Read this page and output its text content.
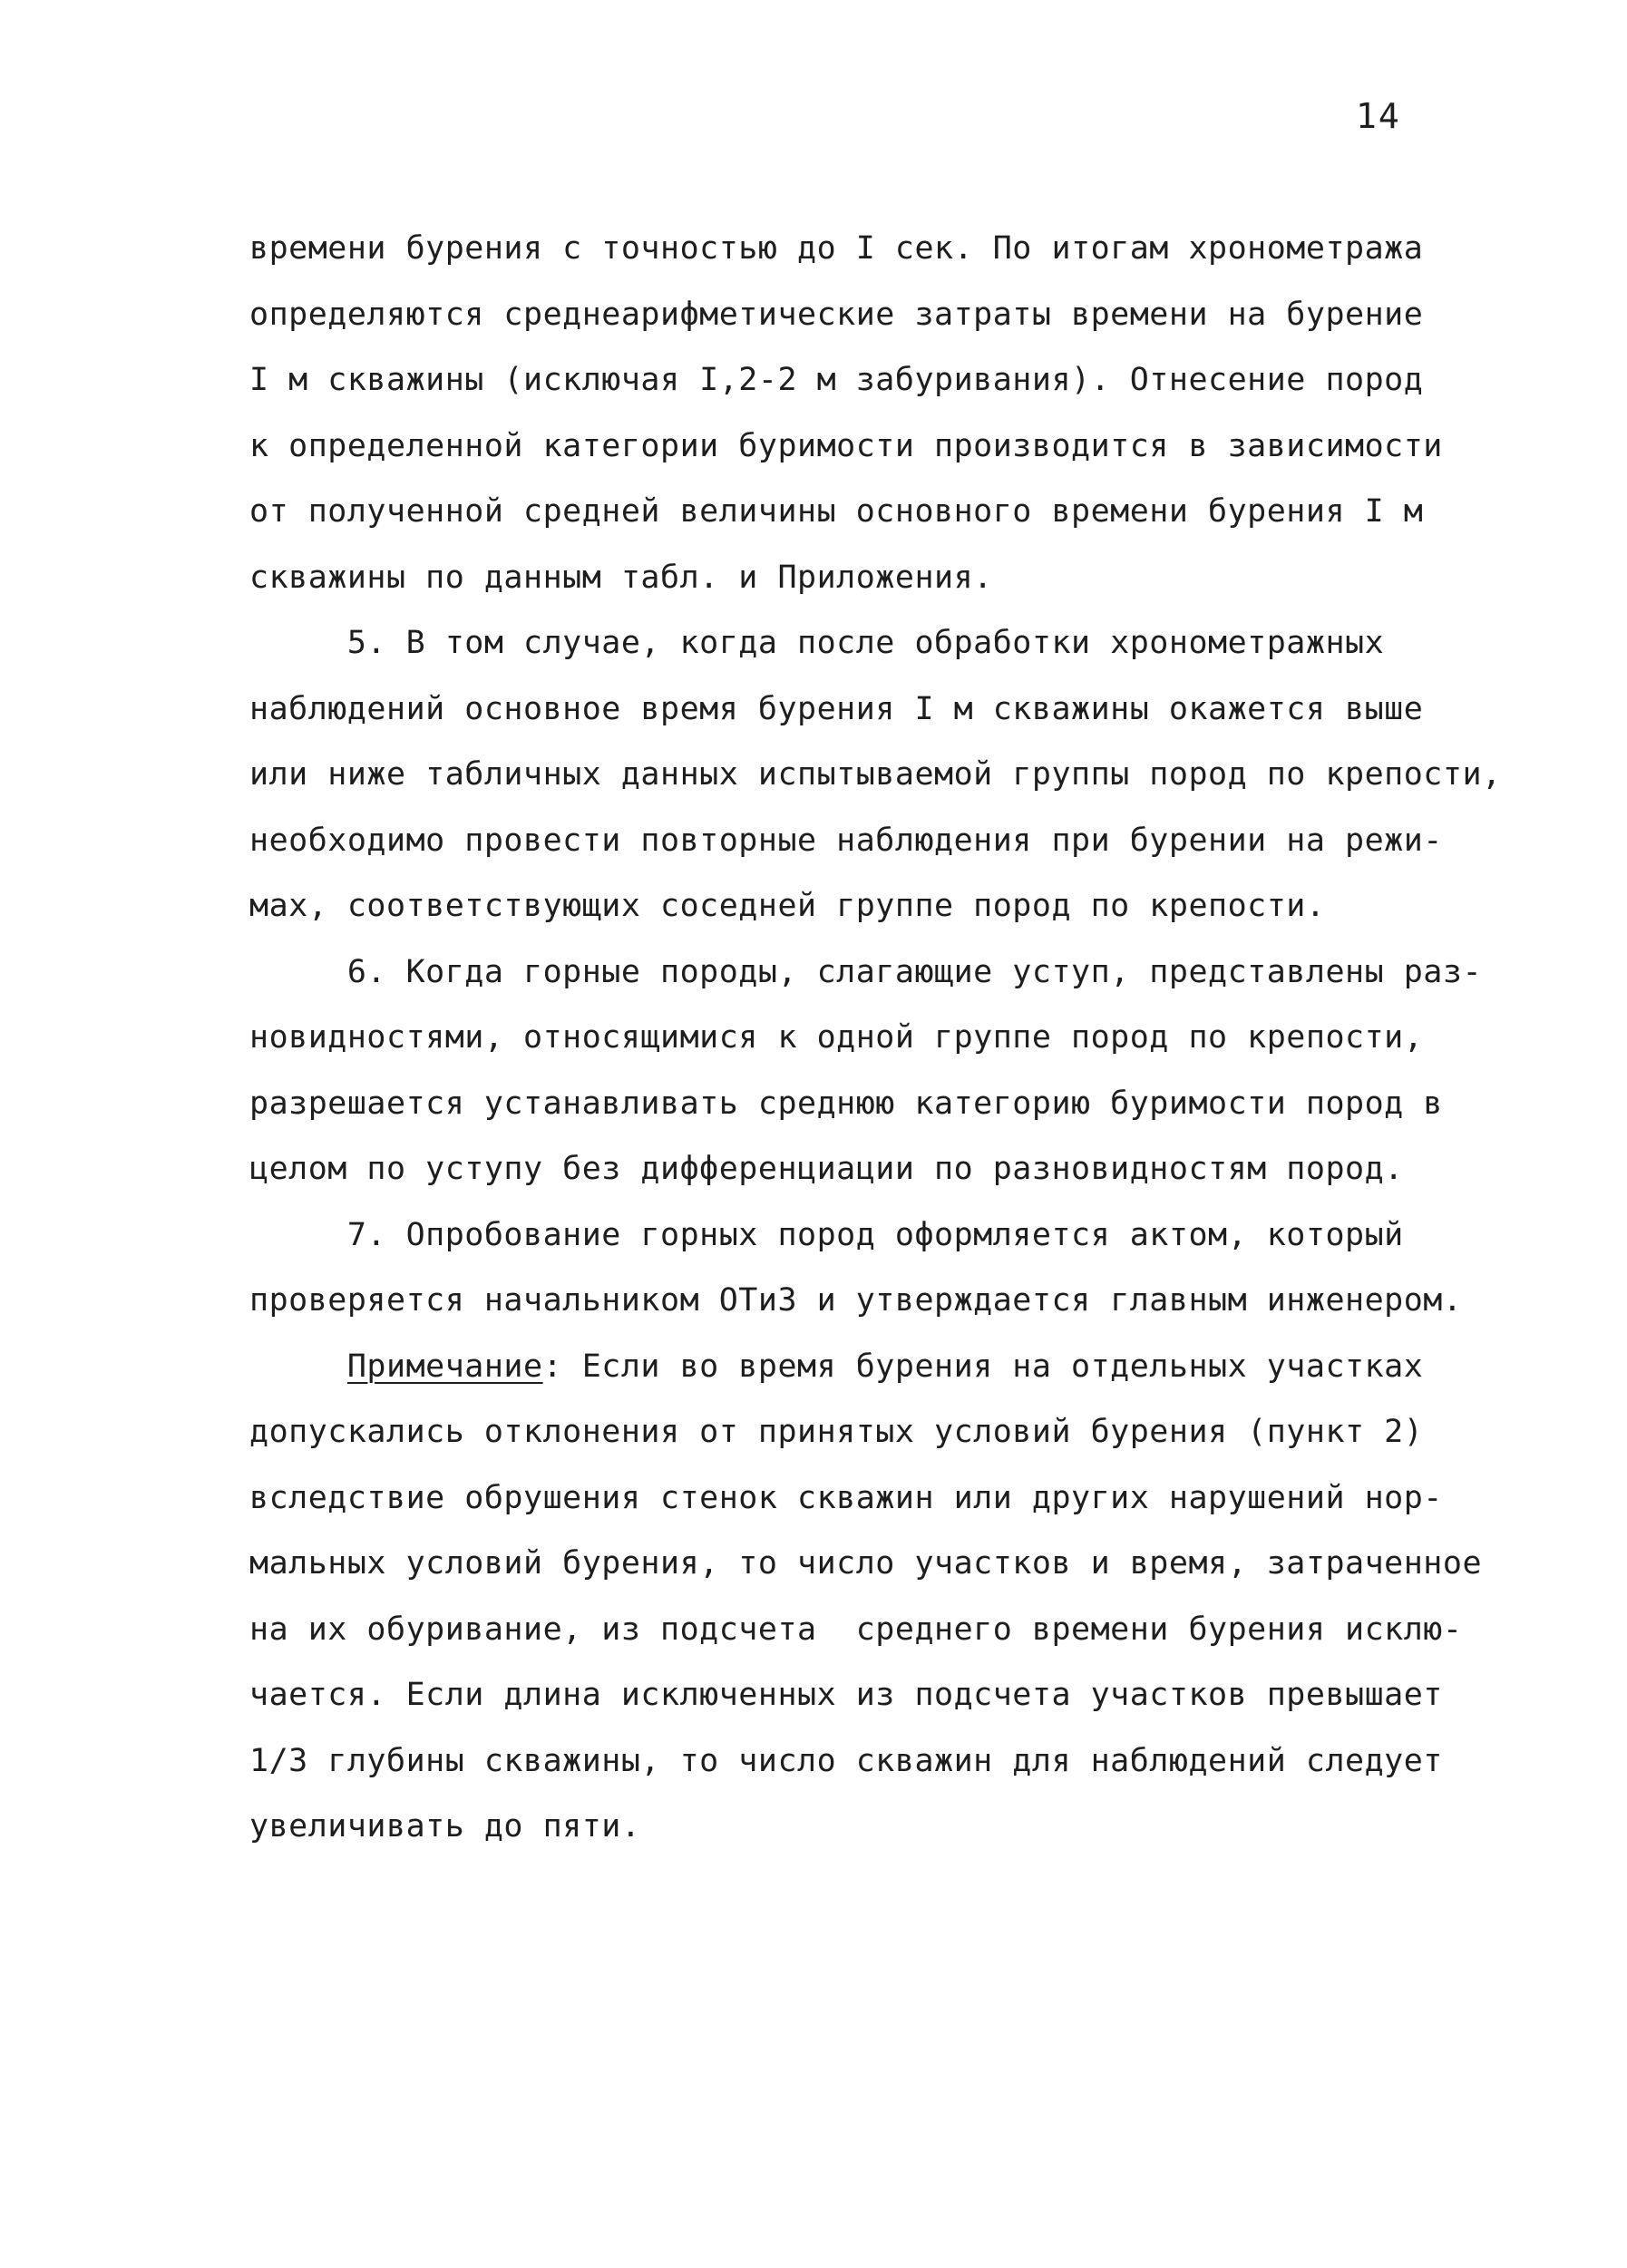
14
времени бурения с точностью до I сек. По итогам хронометража
определяются среднеарифметические затраты времени на бурение
I м скважины (исключая I,2-2 м забуривания). Отнесение пород
к определенной категории буримости производится в зависимости
от полученной средней величины основного времени бурения I м
скважины по данным табл. и Приложения.
5. В том случае, когда после обработки хронометражных
наблюдений основное время бурения I м скважины окажется выше
или ниже табличных данных испытываемой группы пород по крепости,
необходимо провести повторные наблюдения при бурении на режи-
мах, соответствующих соседней группе пород по крепости.
6. Когда горные породы, слагающие уступ, представлены раз-
новидностями, относящимися к одной группе пород по крепости,
разрешается устанавливать среднюю категорию буримости пород в
целом по уступу без дифференциации по разновидностям пород.
7. Опробование горных пород оформляется актом, который
проверяется начальником ОТиЗ и утверждается главным инженером.
Примечание: Если во время бурения на отдельных участках
допускались отклонения от принятых условий бурения (пункт 2)
вследствие обрушения стенок скважин или других нарушений нор-
мальных условий бурения, то число участков и время, затраченное
на их обуривание, из подсчета  среднего времени бурения исклю-
чается. Если длина исключенных из подсчета участков превышает
1/3 глубины скважины, то число скважин для наблюдений следует
увеличивать до пяти.
